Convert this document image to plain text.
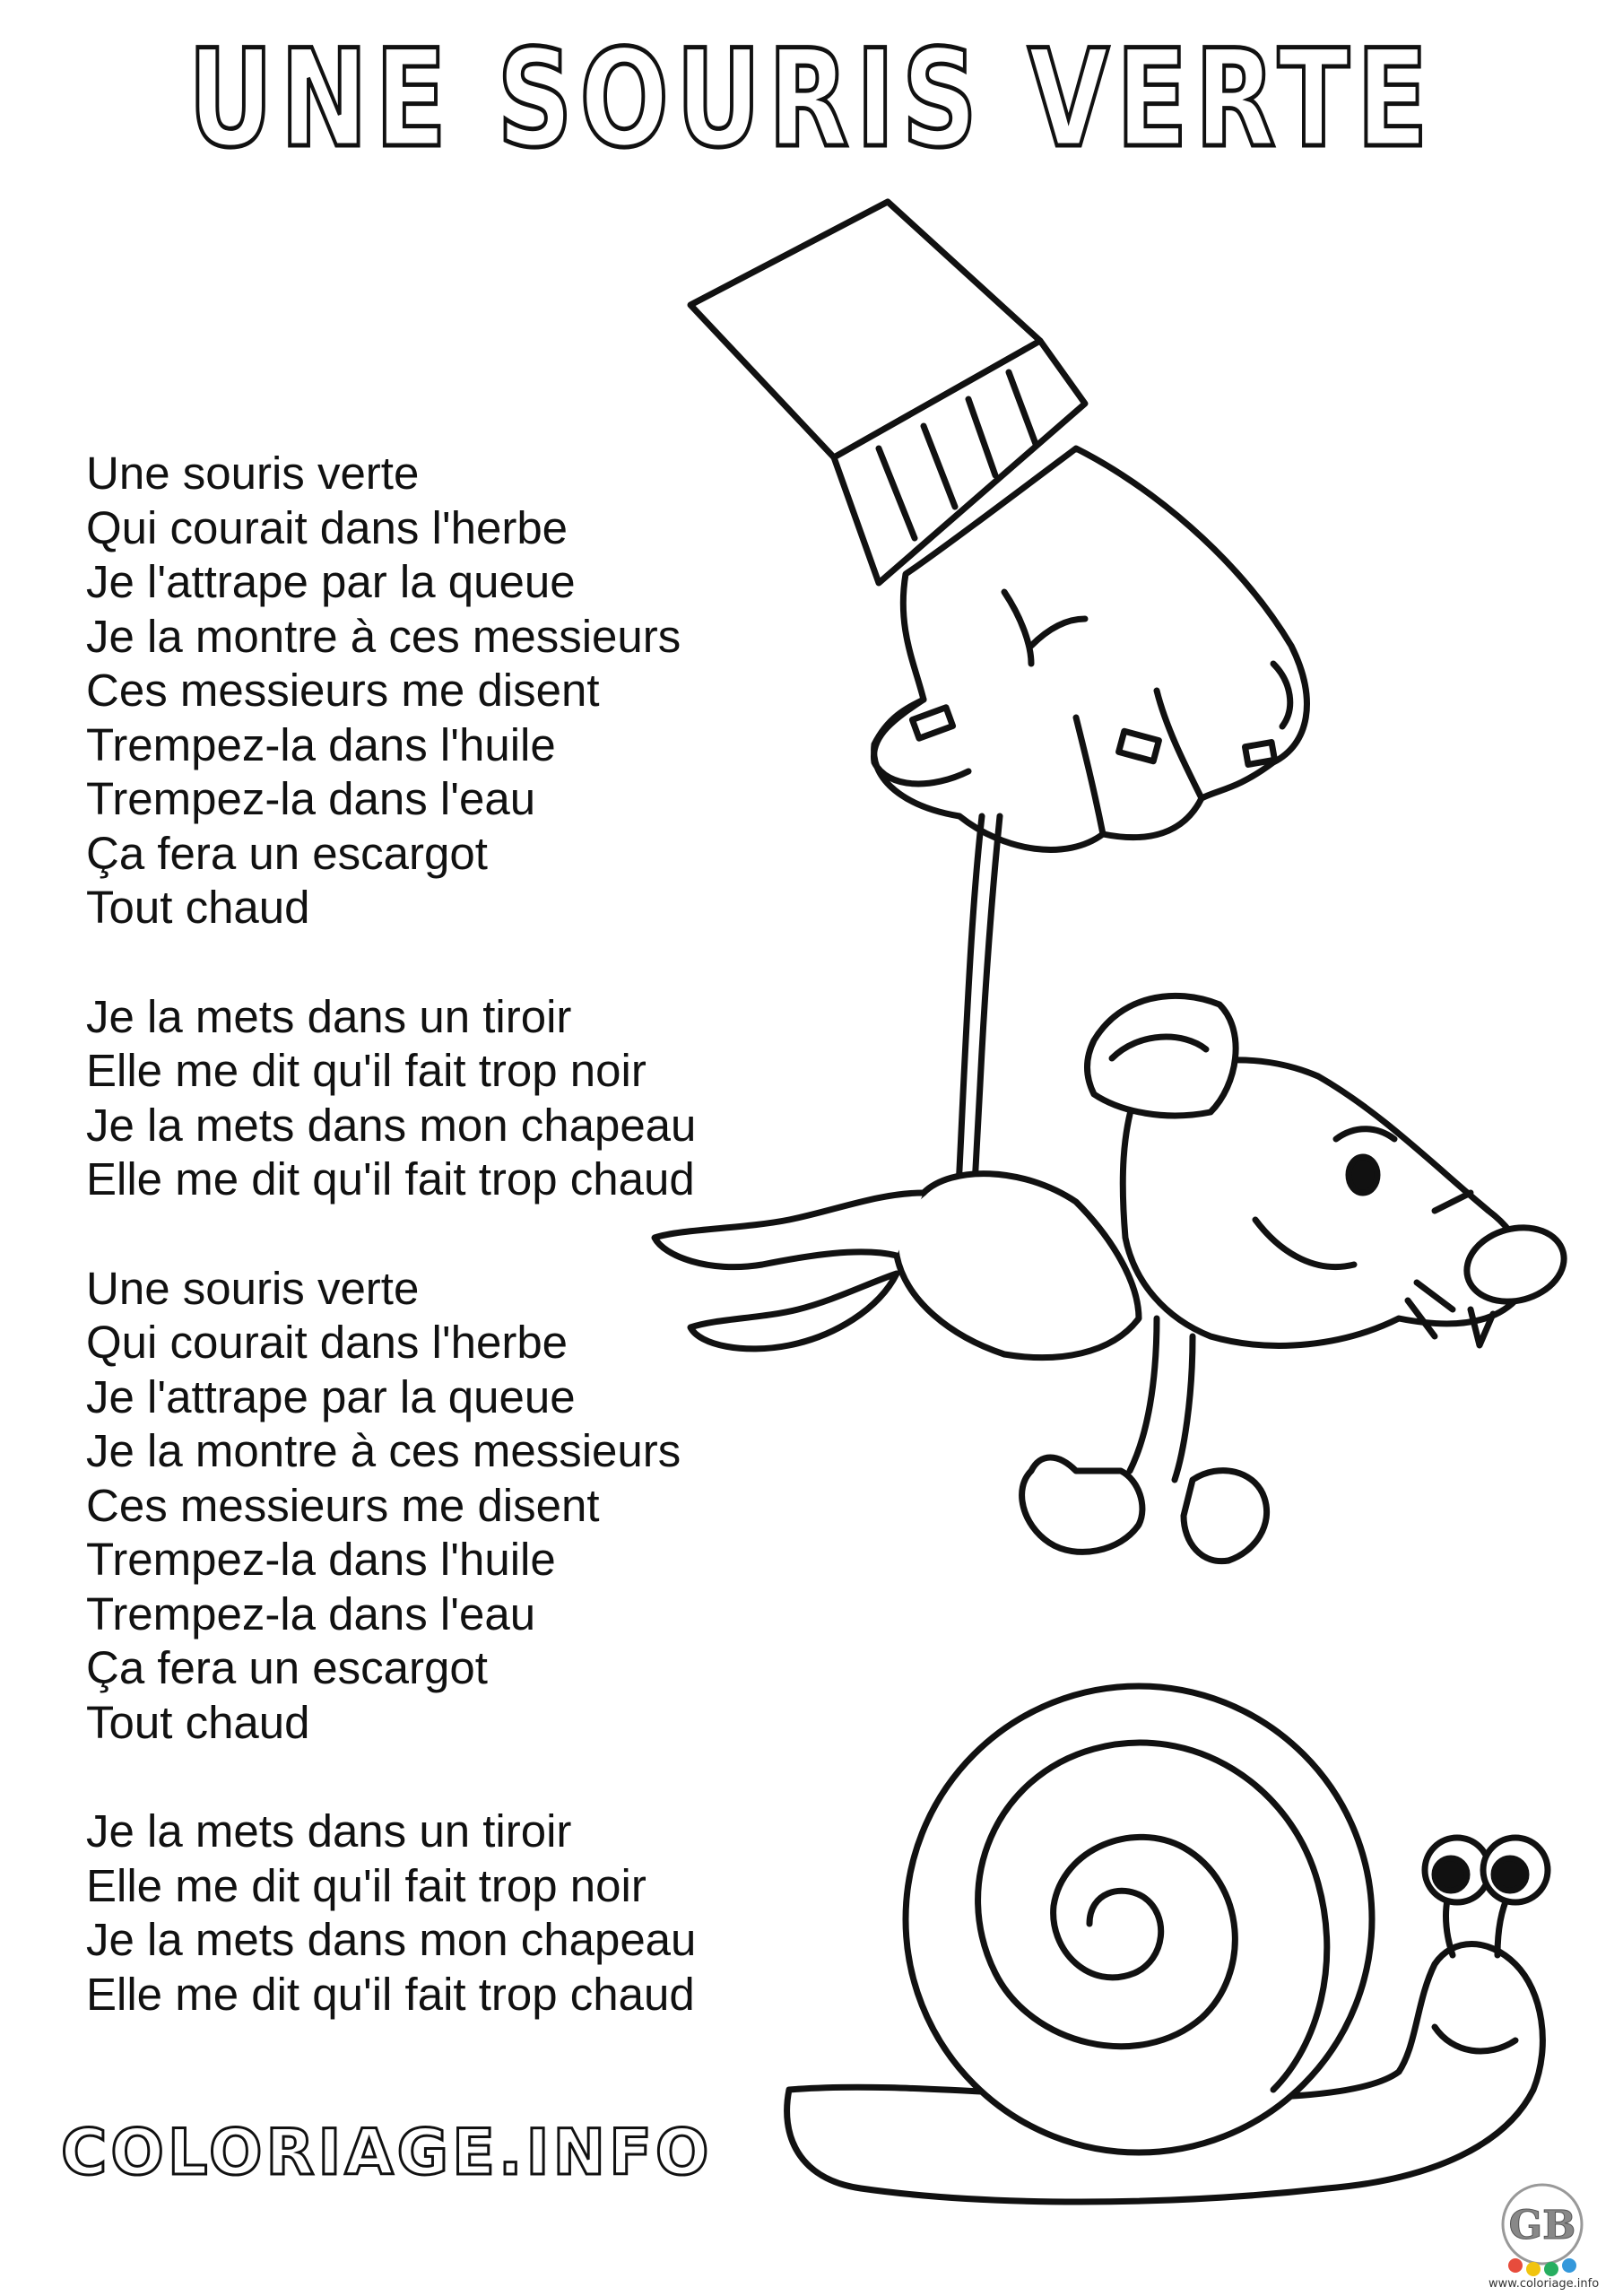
UNE SOURIS VERTE
Une souris verte
Qui courait dans l'herbe
Je l'attrape par la queue
Je la montre à ces messieurs
Ces messieurs me disent
Trempez-la dans l'huile
Trempez-la dans l'eau
Ça fera un escargot
Tout chaud
Je la mets dans un tiroir
Elle me dit qu'il fait trop noir
Je la mets dans mon chapeau
Elle me dit qu'il fait trop chaud
Une souris verte
Qui courait dans l'herbe
Je l'attrape par la queue
Je la montre à ces messieurs
Ces messieurs me disent
Trempez-la dans l'huile
Trempez-la dans l'eau
Ça fera un escargot
Tout chaud
Je la mets dans un tiroir
Elle me dit qu'il fait trop noir
Je la mets dans mon chapeau
Elle me dit qu'il fait trop chaud
COLORIAGE.INFO
GB
www.coloriage.info
